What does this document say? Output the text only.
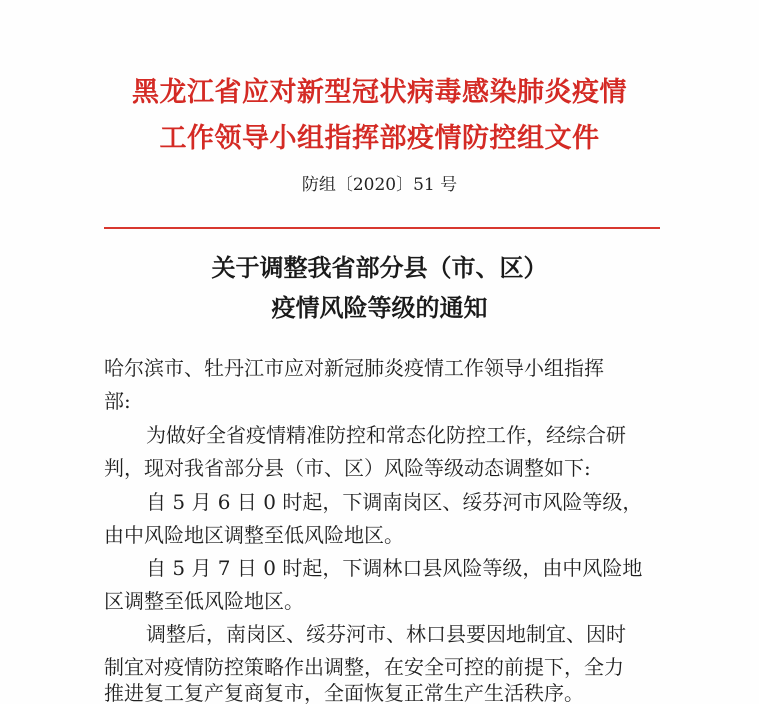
黑龙江省应对新型冠状病毒感染肺炎疫情
工作领导小组指挥部疫情防控组文件
防组〔2020〕51 号
关于调整我省部分县（市、区）
疫情风险等级的通知
哈尔滨市、牡丹江市应对新冠肺炎疫情工作领导小组指挥
部:
为做好全省疫情精准防控和常态化防控工作，经综合研
判，现对我省部分县（市、区）风险等级动态调整如下:
自 5 月 6 日 0 时起，下调南岗区、绥芬河市风险等级，
由中风险地区调整至低风险地区。
自 5 月 7 日 0 时起，下调林口县风险等级，由中风险地
区调整至低风险地区。
调整后，南岗区、绥芬河市、林口县要因地制宜、因时
制宜对疫情防控策略作出调整，在安全可控的前提下，全力
推进复工复产复商复市，全面恢复正常生产生活秩序。
